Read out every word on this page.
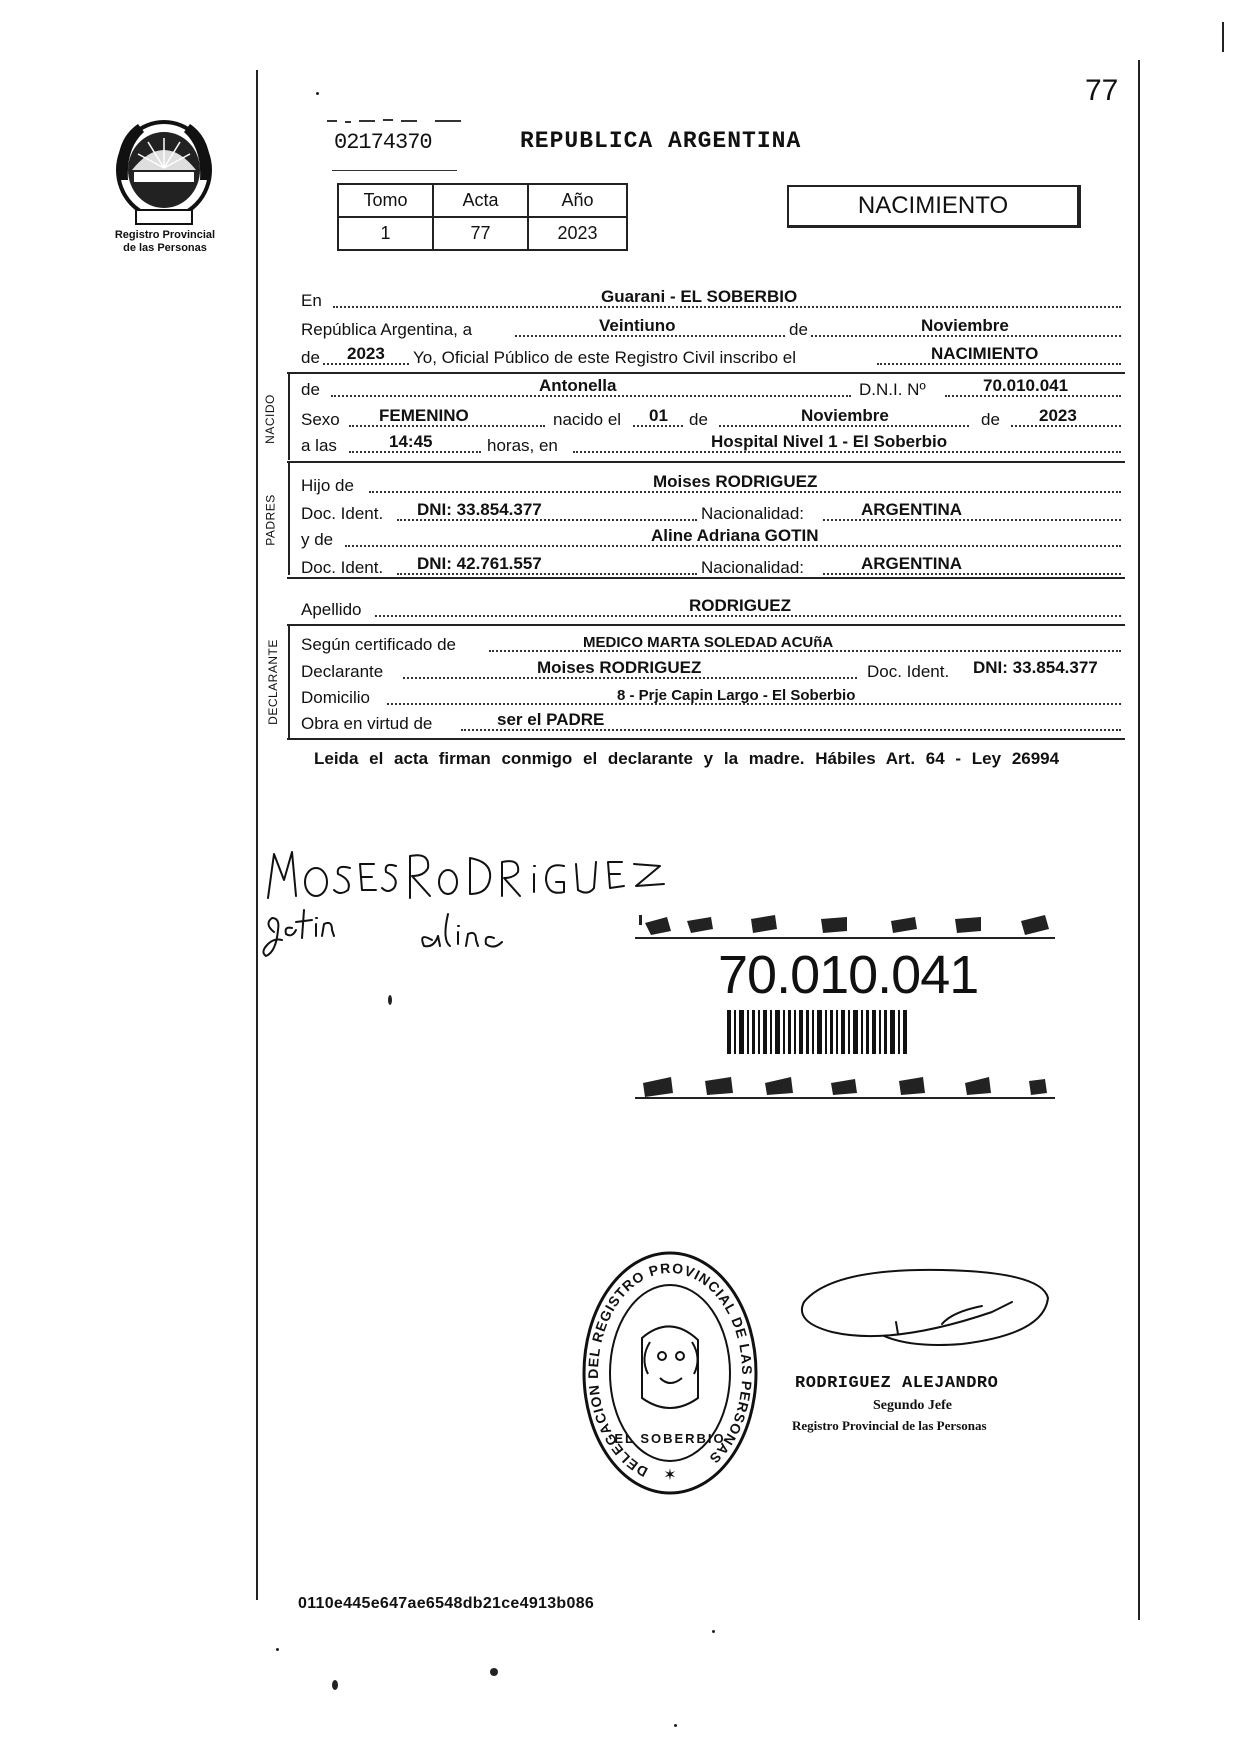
Registro Provincial
de las Personas
77
02174370	REPUBLICA ARGENTINA
Tomo	Acta	Año
1	77	2023
NACIMIENTO
En	Guarani - EL SOBERBIO
República Argentina, a	Veintiuno	de	Noviembre
de 2023 Yo, Oficial Público de este Registro Civil inscribo el	NACIMIENTO
NACIDO
de	Antonella	D.N.I. Nº	70.010.041
Sexo FEMENINO	nacido el 01 de	Noviembre	de 2023
a las	14:45	horas, en	Hospital Nivel 1 - El Soberbio
PADRES
Hijo de	Moises RODRIGUEZ
Doc. Ident. DNI: 33.854.377	Nacionalidad:	ARGENTINA
y de	Aline Adriana GOTIN
Doc. Ident. DNI: 42.761.557	Nacionalidad:	ARGENTINA
Apellido	RODRIGUEZ
DECLARANTE Según certificado de	MEDICO MARTA SOLEDAD ACUñA
Declarante	Moises RODRIGUEZ	Doc. Ident. DNI: 33.854.377
Domicilio	8 - Prje Capin Largo - El Soberbio
Obra en virtud de	ser el PADRE
Leida el acta firman conmigo el declarante y la madre. Hábiles Art. 64 - Ley 26994
70.010.041
DELEGACION DEL REGISTRO PROVINCIAL DE LAS PERSONAS
EL SOBERBIO
✶
RODRIGUEZ ALEJANDRO
Segundo Jefe
Registro Provincial de las Personas
0110e445e647ae6548db21ce4913b086
